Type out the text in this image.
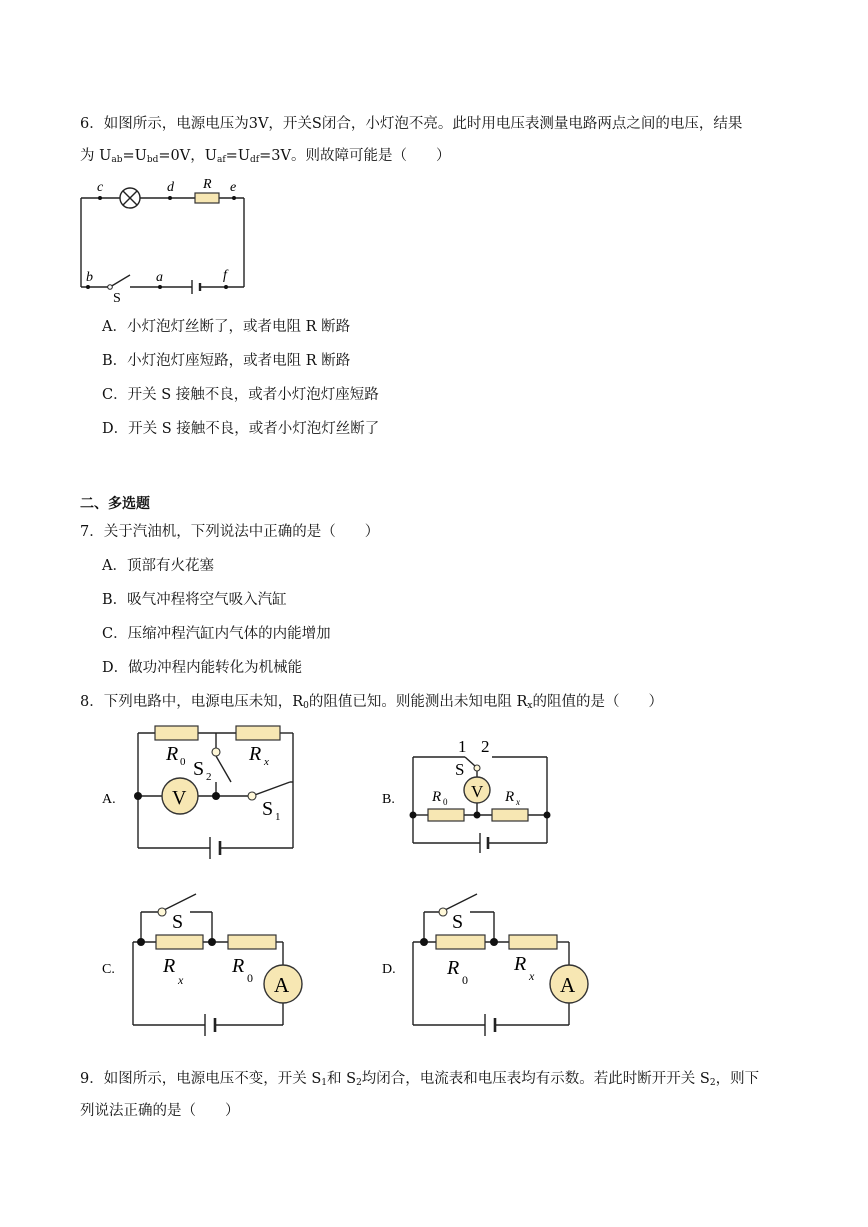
6．如图所示，电源电压为3V，开关S闭合，小灯泡不亮。此时用电压表测量电路两点之间的电压，结果
为 $U_{ab}=U_{bd}=0V$，$U_{af}=U_{df}=3V$。则故障可能是（　　）
c	d R e
b	a	f
S
A．小灯泡灯丝断了，或者电阻 R 断路
B．小灯泡灯座短路，或者电阻 R 断路
C．开关 S 接触不良，或者小灯泡灯座短路
D．开关 S 接触不良，或者小灯泡灯丝断了
二、多选题
7．关于汽油机，下列说法中正确的是（　　）
A．顶部有火花塞
B．吸气冲程将空气吸入汽缸
C．压缩冲程汽缸内气体的内能增加
D．做功冲程内能转化为机械能
8．下列电路中，电源电压未知，$R_0$的阻值已知。则能测出未知电阻 $R_x$的阻值的是（　　）
V
R 0	R x
S 2
S 1
A.	V
1 2
S
R 0	R x
B.
A
S
R
x
R
0
C.
A
S
R
0
R
x
D.
9．如图所示，电源电压不变，开关 $S_1$和 $S_2$均闭合，电流表和电压表均有示数。若此时断开开关 $S_2$，则下
列说法正确的是（　　）
